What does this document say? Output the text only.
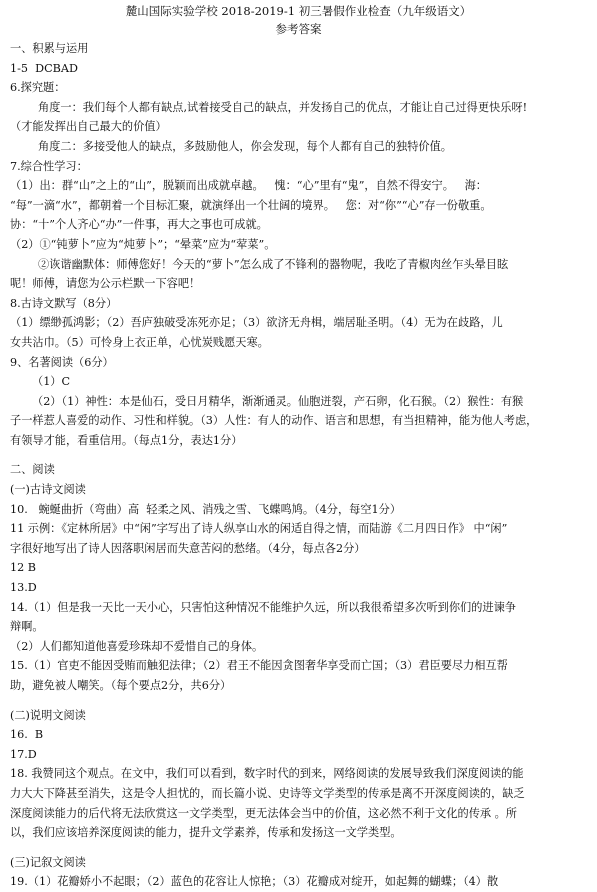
麓山国际实验学校 2018-2019-1 初三暑假作业检查（九年级语文）
参考答案
一、积累与运用
1-5  DCBAD
6.探究题：
角度一：我们每个人都有缺点,试着接受自己的缺点，并发扬自己的优点，才能让自己过得更快乐呀!
（才能发挥出自己最大的价值）
角度二：多接受他人的缺点，多鼓励他人，你会发现，每个人都有自己的独特价值。
7.综合性学习：
（1）出：群“山”之上的“山”，脱颖而出成就卓越。   愧：“心”里有“鬼”，自然不得安宁。   海：
“每”一滴“水”，都朝着一个目标汇聚，就演绎出一个壮阔的境界。   您：对“你”“心”存一份敬重。
协：“十”个人齐心“办”一件事，再大之事也可成就。
（2）①“钝萝卜”应为“炖萝卜”；“晕菜”应为“荤菜”。
②诙谐幽默体：师傅您好！今天的“萝卜”怎么成了不锋利的器物呢，我吃了青椒肉丝乍头晕目眩
呢！师傅，请您为公示栏默一下容吧！
8.古诗文默写（8分）
（1）缥缈孤鸿影；（2）吾庐独破受冻死亦足；（3）欲济无舟楫，端居耻圣明。（4）无为在歧路，儿
女共沾巾。（5）可怜身上衣正单，心忧炭贱愿天寒。
9、名著阅读（6分）
（1）C
（2）（1）神性：本是仙石，受日月精华，渐渐通灵。仙胞迸裂，产石卵，化石猴。（2）猴性：有猴
子一样惹人喜爱的动作、习性和样貌。（3）人性：有人的动作、语言和思想，有当担精神，能为他人考虑，
有领导才能，看重信用。（每点1分，表达1分）
二、阅读
(一)古诗文阅读
10.   蜿蜒曲折（弯曲）高  轻柔之风、消残之雪、飞蝶鸣鸠。（4分，每空1分）
11 示例：《定林所居》中“闲”字写出了诗人纵享山水的闲适自得之情，而陆游《二月四日作》 中“闲”
字很好地写出了诗人因落职闲居而失意苦闷的愁绪。（4分，每点各2分）
12 B
13.D
14.（1）但是我一天比一天小心，只害怕这种情况不能维护久远，所以我很希望多次听到你们的进谏争
辩啊。
（2）人们都知道他喜爱珍珠却不爱惜自己的身体。
15.（1）官吏不能因受贿而触犯法律；（2）君王不能因贪图奢华享受而亡国；（3）君臣要尽力相互帮
助，避免被人嘲笑。（每个要点2分，共6分）
(二)说明文阅读
16.  B
17.D
18. 我赞同这个观点。在文中，我们可以看到，数字时代的到来，网络阅读的发展导致我们深度阅读的能
力大大下降甚至消失，这是令人担忧的，而长篇小说、史诗等文学类型的传承是离不开深度阅读的，缺乏
深度阅读能力的后代将无法欣赏这一文学类型，更无法体会当中的价值，这必然不利于文化的传承 。所
以，我们应该培养深度阅读的能力，提升文学素养，传承和发扬这一文学类型。
(三)记叙文阅读
19.（1）花瓣娇小不起眼；（2）蓝色的花容让人惊艳；（3）花瓣成对绽开，如起舞的蝴蝶；（4）散
